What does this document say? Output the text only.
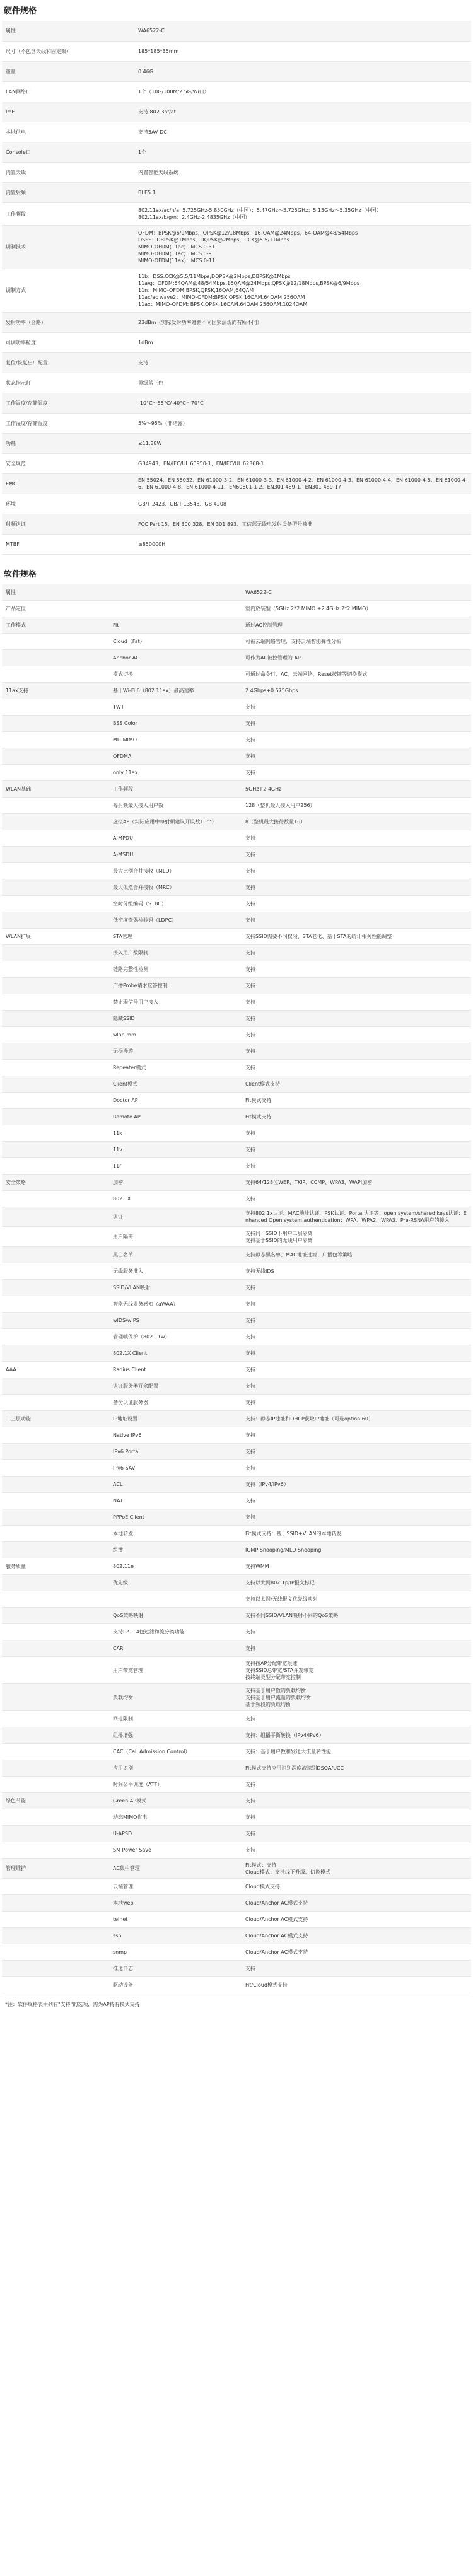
硬件规格
属性	WA6522-C

尺寸（不包含天线和固定架）	185*185*35mm

重量	0.46G

LAN网络口	1个（10G/100M/2.5G/Wi口）

PoE	支持 802.3af/at

本地供电	支持5AV DC

Console口	1个

内置天线	内置智能天线系统

内置射频	BLE5.1

工作频段	802.11ax/ac/n/a: 5.725GHz-5.850GHz（中国）；5.47GHz～5.725GHz；5.15GHz～5.35GHz（中国）
802.11ax/b/g/n：2.4GHz-2.4835GHz（中国）

调制技术	OFDM：BPSK@6/9Mbps，QPSK@12/18Mbps，16-QAM@24Mbps，64-QAM@48/54Mbps
DSSS：DBPSK@1Mbps，DQPSK@2Mbps，CCK@5.5/11Mbps
MIMO-OFDM(11ac)：MCS 0-31
MIMO-OFDM(11ac)：MCS 0-9
MIMO-OFDM(11ax)：MCS 0-11

调制方式	11b：DSS:CCK@5.5/11Mbps,DQPSK@2Mbps,DBPSK@1Mbps
11a/g：OFDM:64QAM@48/54Mbps,16QAM@24Mbps,QPSK@12/18Mbps,BPSK@6/9Mbps
11n：MIMO-OFDM:BPSK,QPSK,16QAM,64QAM
11ac/ac wave2：MIMO-OFDM:BPSK,QPSK,16QAM,64QAM,256QAM
11ax：MIMO-OFDM: BPSK,QPSK,16QAM,64QAM,256QAM,1024QAM

发射功率（合路）	23dBm（实际发射功率遵循不同国家法规而有所不同）

可调功率粒度	1dBm

复位/恢复出厂配置	支持

状态指示灯	黄绿蓝三色

工作温度/存储温度	-10°C～55°C/-40°C～70°C

工作湿度/存储湿度	5%～95%（非结露）

功耗	≤11.88W

安全规范	GB4943、EN/IEC/UL 60950-1、EN/IEC/UL 62368-1

EMC	EN 55024、EN 55032、EN 61000-3-2、EN 61000-3-3、EN 61000-4-2、EN 61000-4-3、EN 61000-4-4、EN 61000-4-5、EN 61000-4-6、EN 61000-4-8、EN 61000-4-11、EN60601-1-2、EN301 489-1、EN301 489-17

环境	GB/T 2423、GB/T 13543、GB 4208

射频认证	FCC Part 15、EN 300 328、EN 301 893、工信部无线电发射设备型号核准

MTBF	≥850000H
软件规格
属性		WA6522-C

产品定位		室内放装型（5GHz 2*2 MIMO +2.4GHz 2*2 MIMO）

工作模式	Fit	通过AC控制管理

	Cloud（Fat）	可被云端网络管理，支持云端智能弹性分析

	Anchor AC	可作为AC被控管理的 AP

	模式切换	可通过命令行、AC、云端网络、Reset按键等切换模式

11ax支持	基于Wi-Fi 6（802.11ax）最高速率	2.4Gbps+0.575Gbps

	TWT	支持

	BSS Color	支持

	MU-MIMO	支持

	OFDMA	支持

	only 11ax	支持

WLAN基础	工作频段	5GHz+2.4GHz

	每射频最大接入用户数	128（整机最大接入用户256）

	虚拟AP（实际应用中每射频建议开设数16个）	8（整机最大接待数量16）

	A-MPDU	支持

	A-MSDU	支持

	最大比例合并接收（MLD）	支持

	最大似然合并接收（MRC）	支持

	空时分组编码（STBC）	支持

	低密度奇偶检验码（LDPC）	支持

WLAN扩展	STA管理	支持SSID需要不同权限、STA老化、基于STA的统计相关性能调整

	接入用户数限制	支持

	链路完整性检测	支持

	广播Probe请求应答控制	支持

	禁止弱信号用户接入	支持

	隐藏SSID	支持

	wlan mm	支持

	无损漫游	支持

	Repeater模式	支持

	Client模式	Client模式支持

	Doctor AP	Fit模式支持

	Remote AP	Fit模式支持

	11k	支持

	11v	支持

	11r	支持

安全策略	加密	支持64/128位WEP、TKIP、CCMP、WPA3、WAPI加密

	802.1X	支持

	认证	支持802.1x认证、MAC地址认证、PSK认证、Portal认证等；open system/shared keys认证；Enhanced Open system authentication；WPA、WPA2、WPA3、Pre-RSNA用户的接入

	用户隔离	支持同一SSID下用户二层隔离
支持基于SSID的无线用户隔离

	黑白名单	支持静态黑名单、MAC地址过滤、广播包等策略

	无线服务准入	支持无线IDS

	SSID/VLAN映射	支持

	智能无线业务感知（aWAA）	支持

	wIDS/wIPS	支持

	管理帧保护（802.11w）	支持

	802.1X Client	支持

AAA	Radius Client	支持

	认证服务器冗余配置	支持

	备份认证服务器	支持

二三层功能	IP地址设置	支持：静态IP地址和DHCP获取IP地址（可选option 60）

	Native IPv6	支持

	IPv6 Portal	支持

	IPv6 SAVI	支持

	ACL	支持（IPv4/IPv6）

	NAT	支持

	PPPoE Client	支持

	本地转发	Fit模式支持：基于SSID+VLAN的本地转发

	组播	IGMP Snooping/MLD Snooping

服务质量	802.11e	支持WMM

	优先级	支持以太网802.1p/IP报文标记

		支持以太网/无线报文优先级映射

	QoS策略映射	支持不同SSID/VLAN映射不同的QoS策略

	支持L2~L4包过滤和流分类功能	支持

	CAR	支持

	用户带宽管理	支持按AP分配带宽限速
支持SSID总带宽/STA并发带宽
按终端类型分配带宽控制

	负载均衡	支持基于用户数的负载均衡
支持基于用户流量的负载均衡
基于频段的负载均衡

	回退限制	支持

	组播增强	支持：组播平衡转换（IPv4/IPv6）

	CAC（Call Admission Control）	支持：基于用户数和发送大流量转性能

	应用识别	Fit模式支持应用识别深度流识别DSQA/UCC

	时间公平调度（ATF）	支持

绿色节能	Green AP模式	支持

	动态MIMO省电	支持

	U-APSD	支持

	SM Power Save	支持

管理维护	AC集中管理	Fit模式：支持
Cloud模式：支持线下升级、切换模式

	云端管理	Cloud模式支持

	本地web	Cloud/Anchor AC模式支持

	telnet	Cloud/Anchor AC模式支持

	ssh	Cloud/Anchor AC模式支持

	snmp	Cloud/Anchor AC模式支持

	推送日志	支持

	驱动设备	Fit/Cloud模式支持
*注：软件规格表中列有"支持"的选项，需为AP特有模式支持
